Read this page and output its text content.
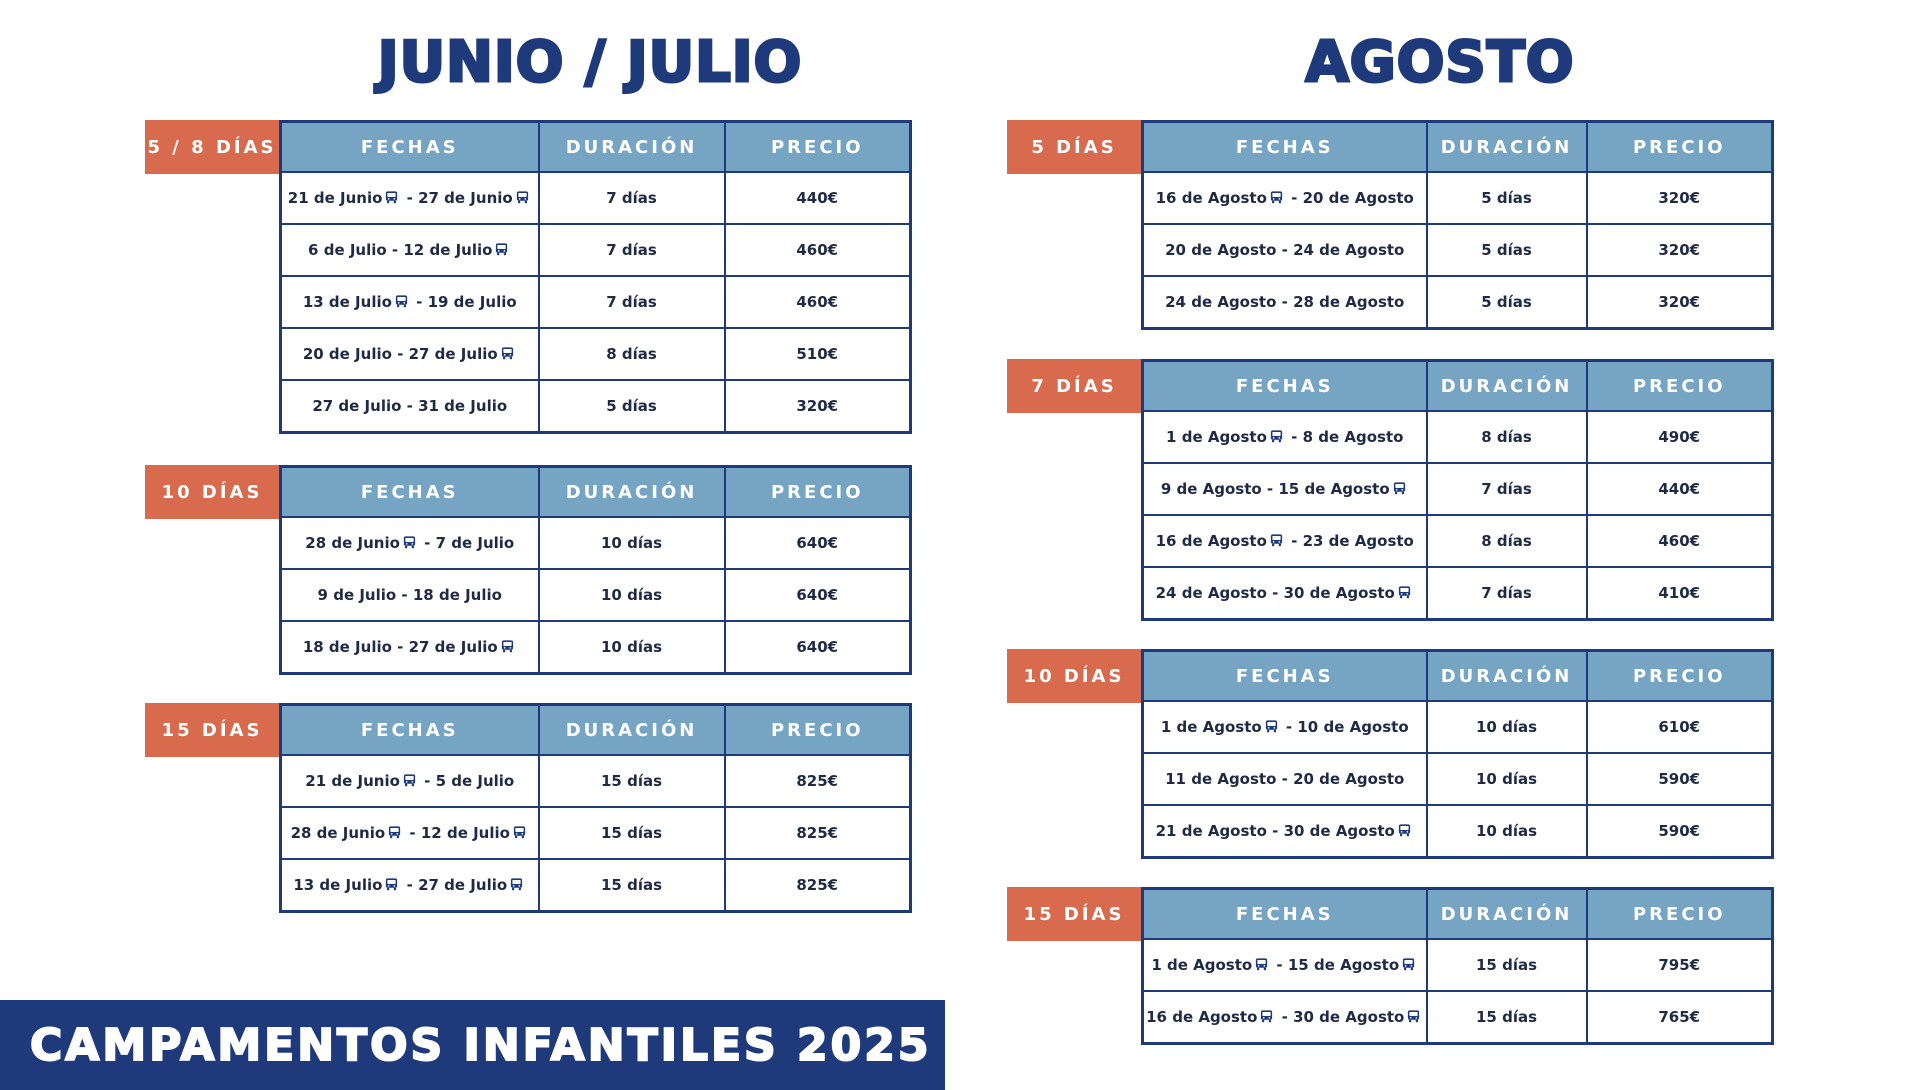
JUNIO / JULIO	AGOSTO
5 / 8 DÍAS	FECHAS	DURACIÓN	PRECIO
21 de Junio - 27 de Junio	7 días	440€
6 de Julio - 12 de Julio	7 días	460€
13 de Julio - 19 de Julio	7 días	460€
20 de Julio - 27 de Julio	8 días	510€
27 de Julio - 31 de Julio	5 días	320€
10 DÍAS	FECHAS	DURACIÓN	PRECIO
28 de Junio - 7 de Julio	10 días	640€
9 de Julio - 18 de Julio	10 días	640€
18 de Julio - 27 de Julio	10 días	640€
15 DÍAS	FECHAS	DURACIÓN	PRECIO
21 de Junio - 5 de Julio	15 días	825€
28 de Junio - 12 de Julio	15 días	825€
13 de Julio - 27 de Julio	15 días	825€
5 DÍAS	FECHAS	DURACIÓN	PRECIO
16 de Agosto - 20 de Agosto	5 días	320€
20 de Agosto - 24 de Agosto	5 días	320€
24 de Agosto - 28 de Agosto	5 días	320€
7 DÍAS	FECHAS	DURACIÓN	PRECIO
1 de Agosto - 8 de Agosto	8 días	490€
9 de Agosto - 15 de Agosto	7 días	440€
16 de Agosto - 23 de Agosto	8 días	460€
24 de Agosto - 30 de Agosto	7 días	410€
10 DÍAS	FECHAS	DURACIÓN	PRECIO
1 de Agosto - 10 de Agosto	10 días	610€
11 de Agosto - 20 de Agosto	10 días	590€
21 de Agosto - 30 de Agosto	10 días	590€
15 DÍAS	FECHAS	DURACIÓN	PRECIO
1 de Agosto - 15 de Agosto	15 días	795€
16 de Agosto - 30 de Agosto	15 días	765€
CAMPAMENTOS INFANTILES 2025
